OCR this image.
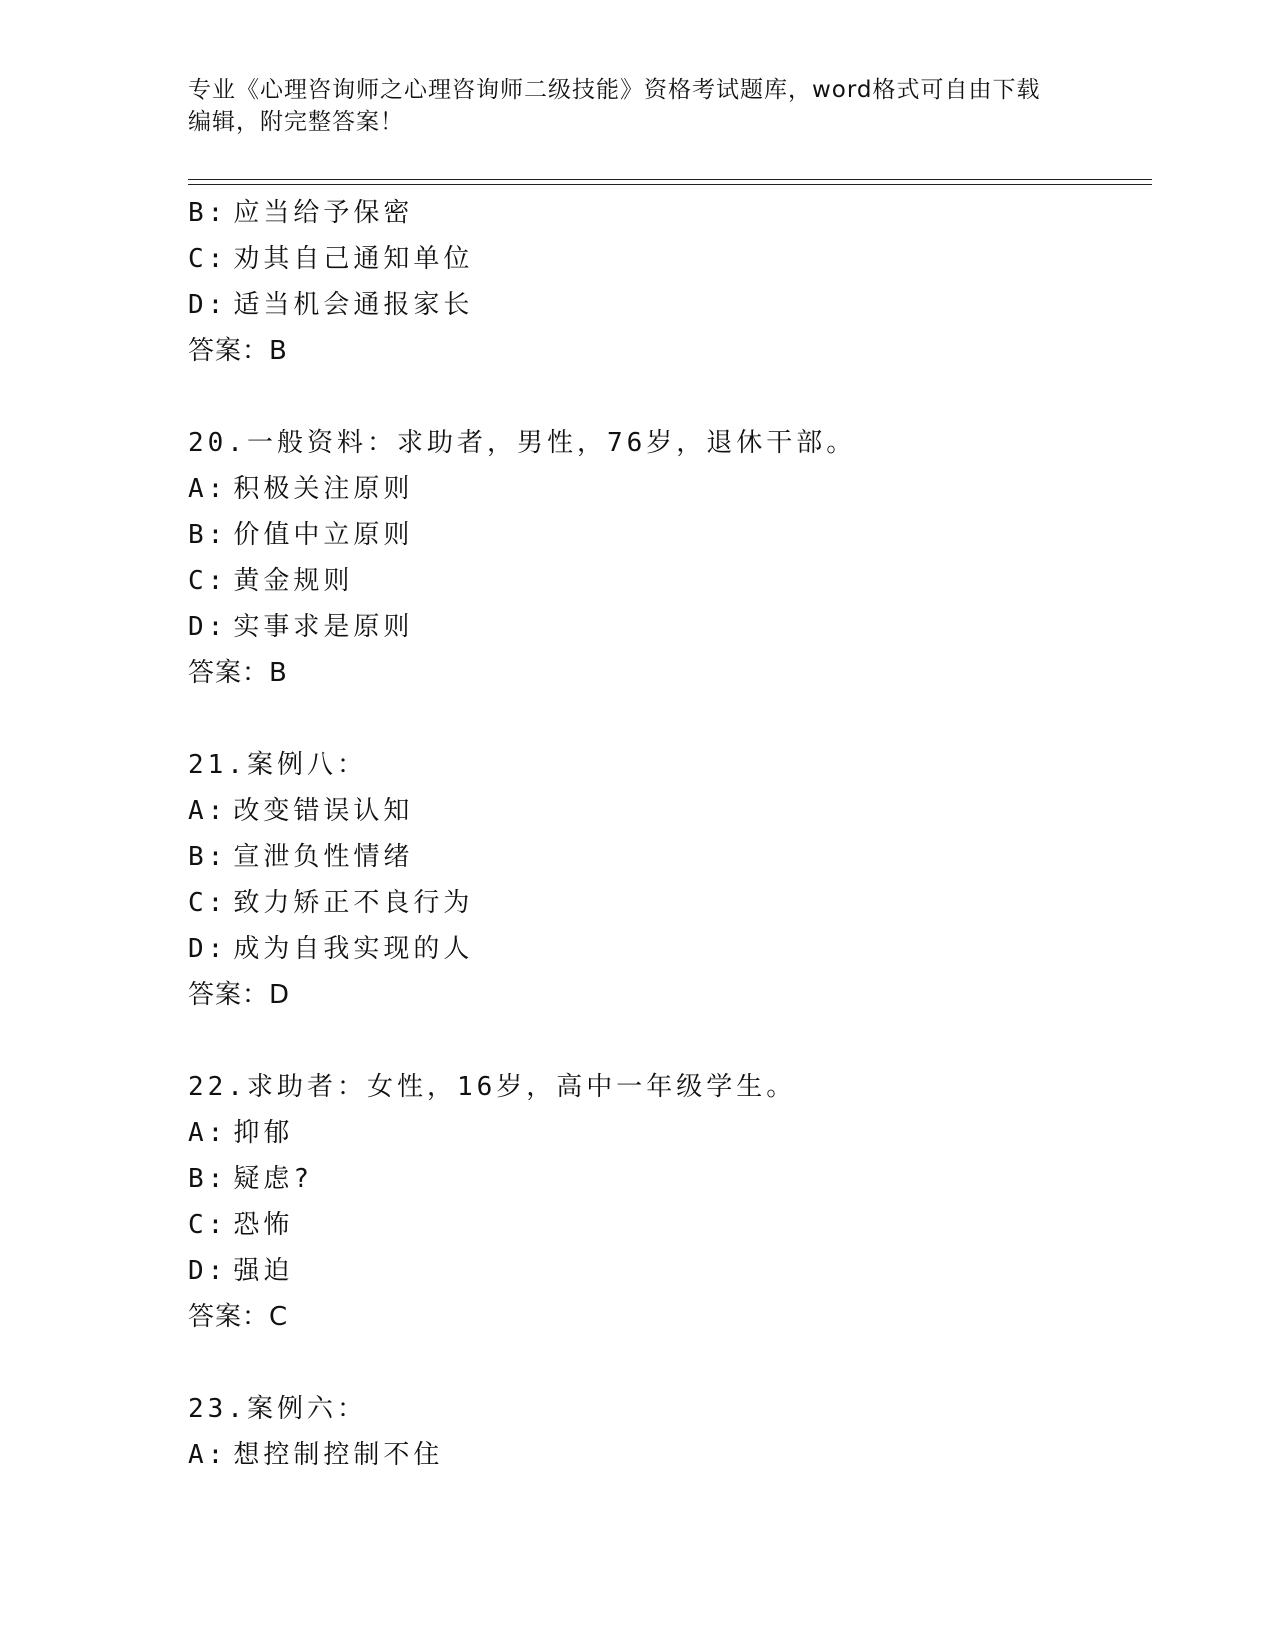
专业《心理咨询师之心理咨询师二级技能》资格考试题库，word格式可自由下载
编辑，附完整答案！
B: 应当给予保密
C: 劝其自己通知单位
D: 适当机会通报家长
答案：B
20.一般资料：求助者，男性，76岁，退休干部。
A: 积极关注原则
B: 价值中立原则
C: 黄金规则
D: 实事求是原则
答案：B
21.案例八：
A: 改变错误认知
B: 宣泄负性情绪
C: 致力矫正不良行为
D: 成为自我实现的人
答案：D
22.求助者：女性，16岁，高中一年级学生。
A: 抑郁
B: 疑虑?
C: 恐怖
D: 强迫
答案：C
23.案例六：
A: 想控制控制不住
